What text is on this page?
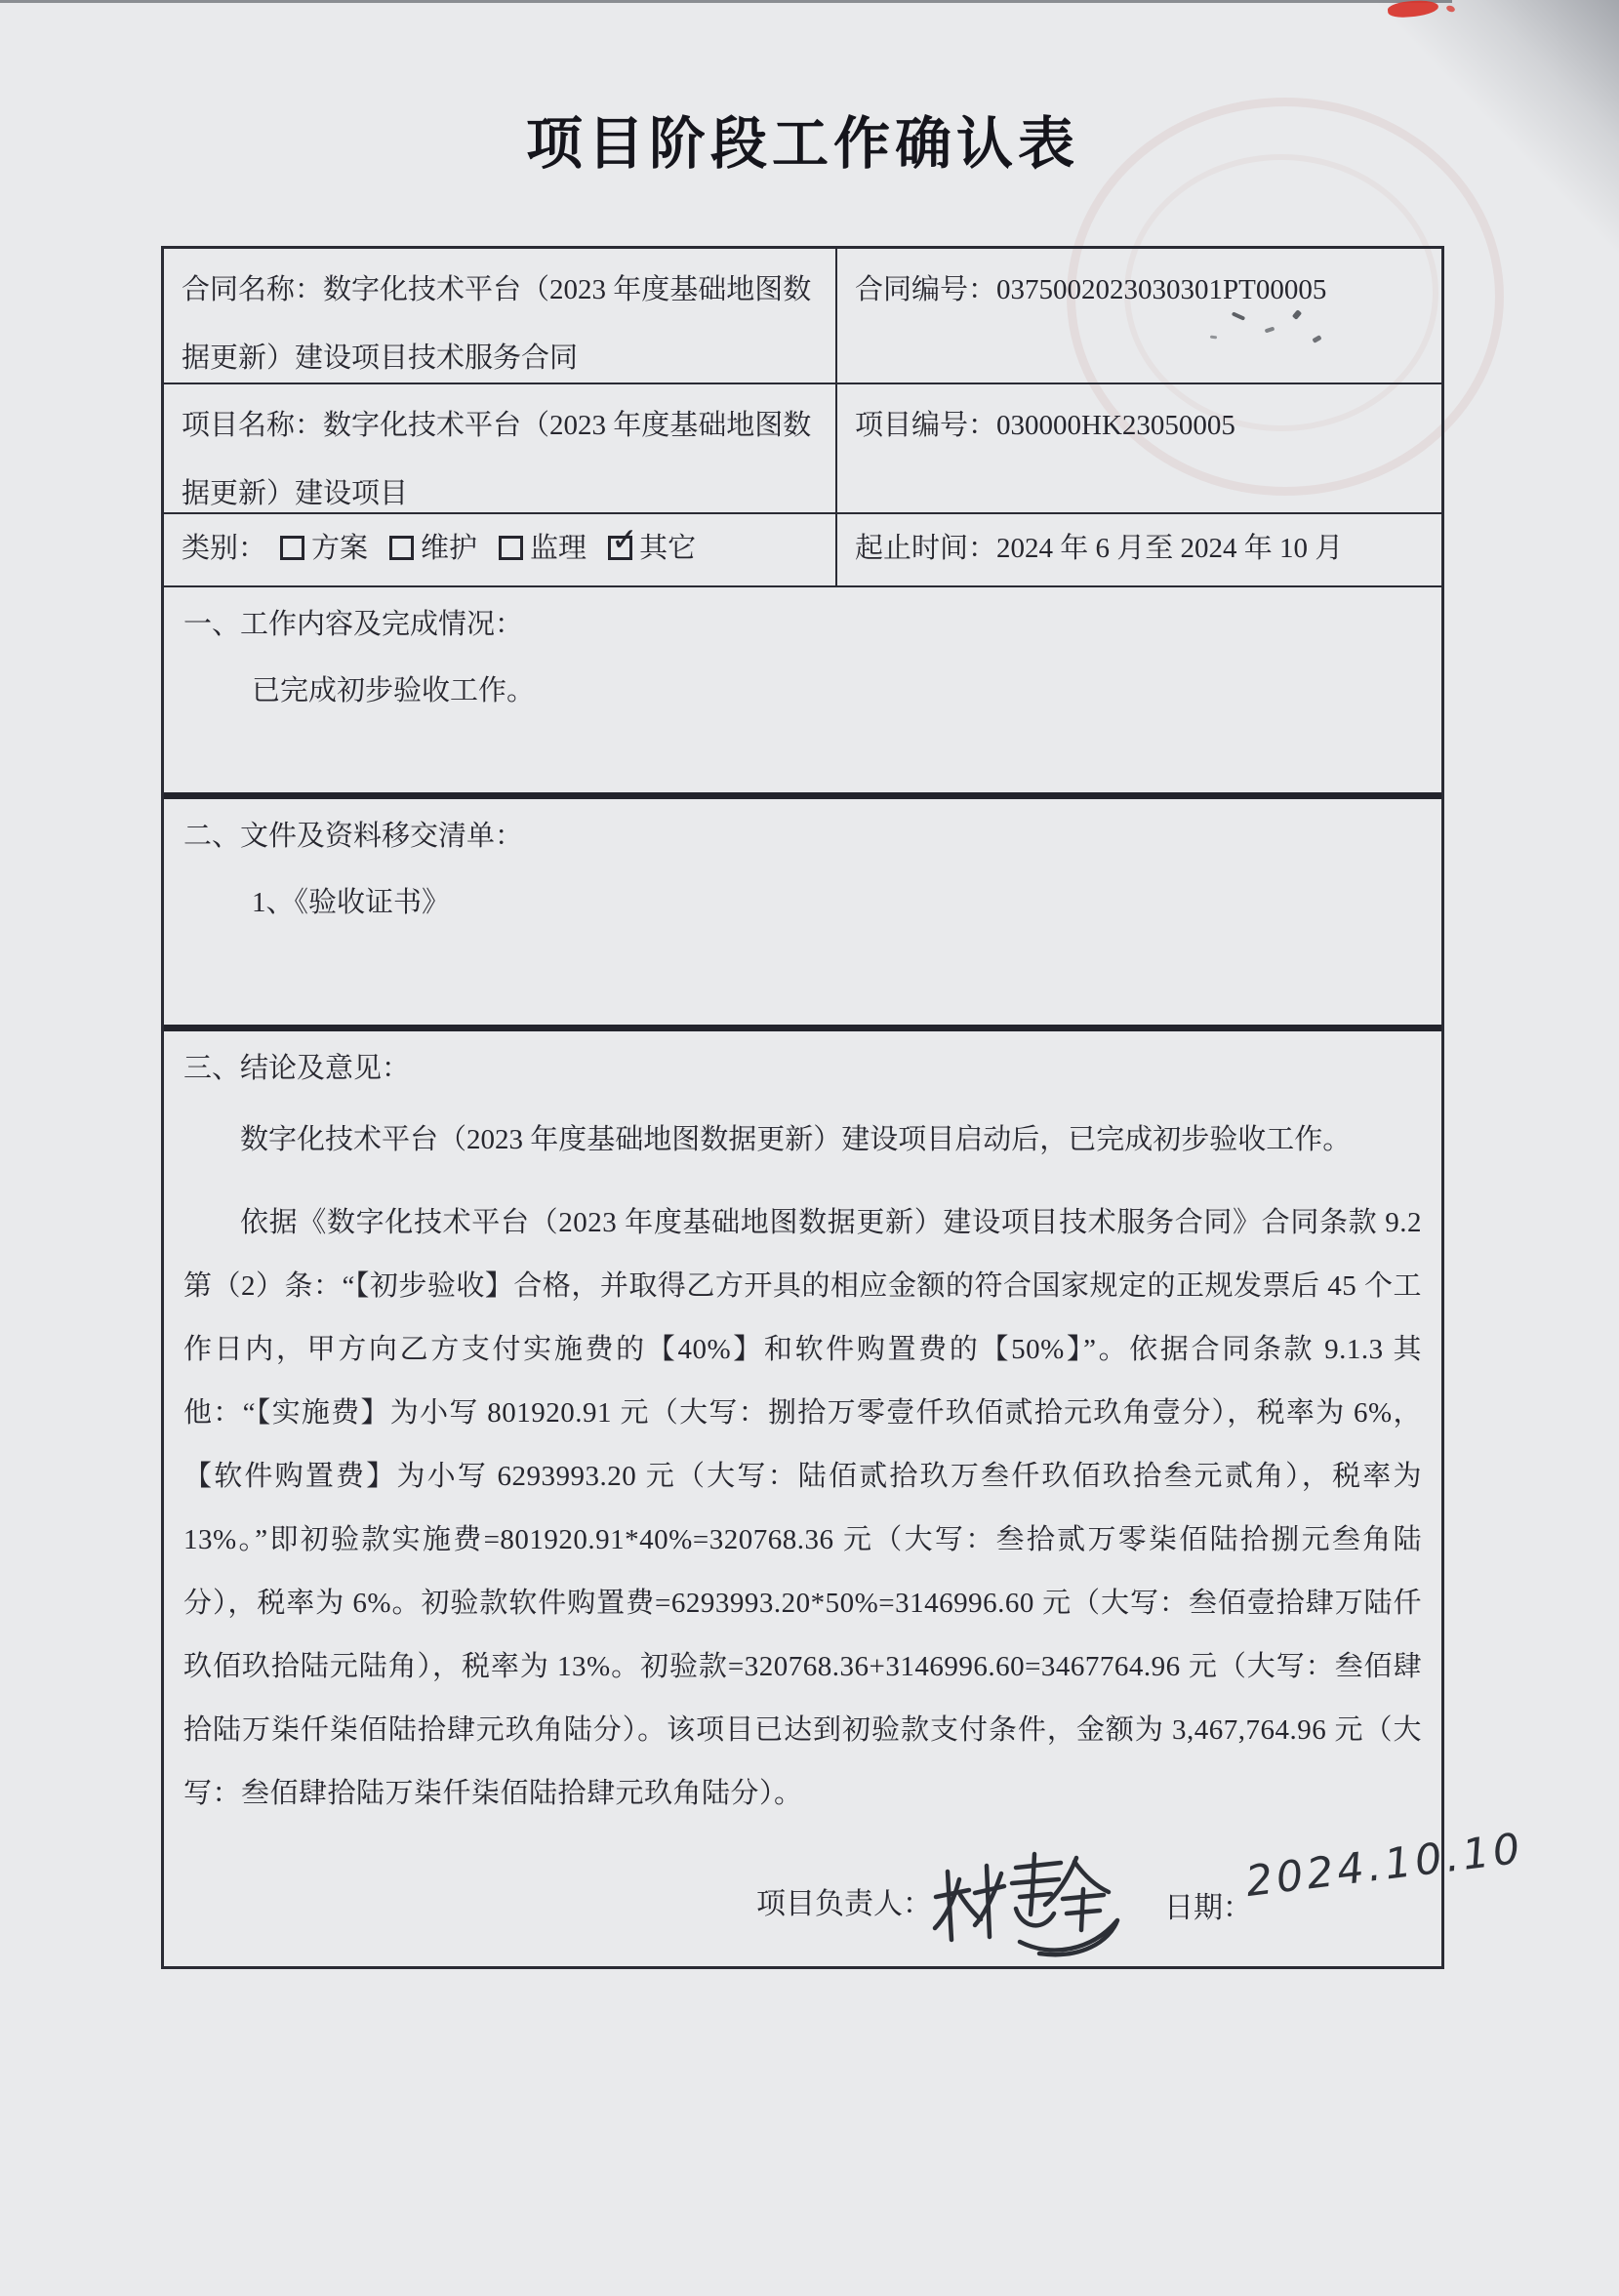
项目阶段工作确认表
合同名称：数字化技术平台（2023 年度基础地图数据更新）建设项目技术服务合同
合同编号：0375002023030301PT00005
项目名称：数字化技术平台（2023 年度基础地图数据更新）建设项目
项目编号：030000HK23050005
类别： 方案 维护 监理 ✓ 其它	起止时间：2024 年 6 月至 2024 年 10 月
一、工作内容及完成情况：
已完成初步验收工作。
二、文件及资料移交清单：
1、《验收证书》
三、结论及意见：
数字化技术平台（2023 年度基础地图数据更新）建设项目启动后，已完成初步验收工作。
依据《数字化技术平台（2023 年度基础地图数据更新）建设项目技术服务合同》合同条款 9.2 第（2）条：“【初步验收】合格，并取得乙方开具的相应金额的符合国家规定的正规发票后 45 个工作日内，甲方向乙方支付实施费的【40%】和软件购置费的【50%】”。依据合同条款 9.1.3 其他：“【实施费】为小写 801920.91 元（大写：捌拾万零壹仟玖佰贰拾元玖角壹分），税率为 6%，【软件购置费】为小写 6293993.20 元（大写：陆佰贰拾玖万叁仟玖佰玖拾叁元贰角），税率为 13%。”即初验款实施费=801920.91*40%=320768.36 元（大写：叁拾贰万零柒佰陆拾捌元叁角陆分），税率为 6%。初验款软件购置费=6293993.20*50%=3146996.60 元（大写：叁佰壹拾肆万陆仟玖佰玖拾陆元陆角），税率为 13%。初验款=320768.36+3146996.60=3467764.96 元（大写：叁佰肆拾陆万柒仟柒佰陆拾肆元玖角陆分）。该项目已达到初验款支付条件，金额为 3,467,764.96 元（大写：叁佰肆拾陆万柒仟柒佰陆拾肆元玖角陆分）。
项目负责人：	日期：
2024.10.10
